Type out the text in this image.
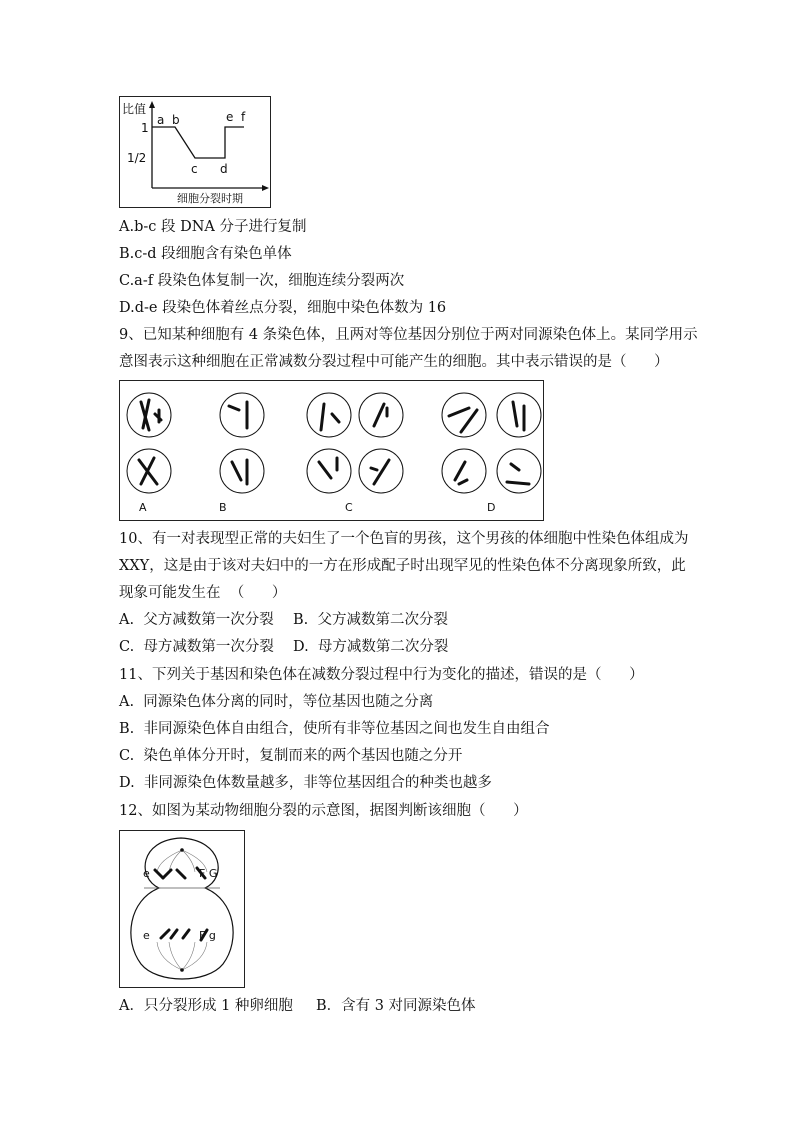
比值
1
1/2
a b
c d
e f
细胞分裂时期
A.b-c 段 DNA 分子进行复制
B.c-d 段细胞含有染色单体
C.a-f 段染色体复制一次，细胞连续分裂两次
D.d-e 段染色体着丝点分裂，细胞中染色体数为 16
9、已知某种细胞有 4 条染色体，且两对等位基因分别位于两对同源染色体上。某同学用示
意图表示这种细胞在正常减数分裂过程中可能产生的细胞。其中表示错误的是（      ）
A	B	C	D
10、有一对表现型正常的夫妇生了一个色盲的男孩，这个男孩的体细胞中性染色体组成为
XXY，这是由于该对夫妇中的一方在形成配子时出现罕见的性染色体不分离现象所致，此
现象可能发生在  （      ）
A.  父方减数第一次分裂 B.  父方减数第二次分裂
C.  母方减数第一次分裂 D.  母方减数第二次分裂
11、下列关于基因和染色体在减数分裂过程中行为变化的描述，错误的是（      ）
A.  同源染色体分离的同时，等位基因也随之分离
B.  非同源染色体自由组合，使所有非等位基因之间也发生自由组合
C.  染色单体分开时，复制而来的两个基因也随之分开
D.  非同源染色体数量越多，非等位基因组合的种类也越多
12、如图为某动物细胞分裂的示意图，据图判断该细胞（      ）
e	F G
e	F g
A．只分裂形成 1 种卵细胞     B．含有 3 对同源染色体
